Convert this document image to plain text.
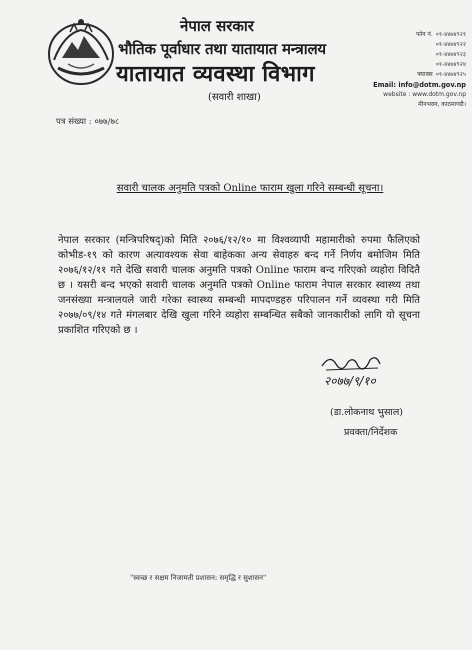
नेपाल सरकार
भौतिक पूर्वाधार तथा यातायात मन्त्रालय
यातायात व्यवस्था विभाग
(सवारी शाखा)
फोन नं. ०१-४४७४९२१
०१-४४७४९२२
०१-४४७४९२३
०१-४४७४९२४
फ्याक्स ०१-४४७४९२५
Email: info@dotm.gov.np
website : www.dotm.gov.np
मीनभवन, काठमाण्डौ।
पत्र संख्या : ०७७/७८
सवारी चालक अनुमति पत्रको Online फाराम खुला गरिने सम्बन्धी सूचना।
नेपाल सरकार (मन्त्रिपरिषद्)को मिति २०७६/१२/१० मा विश्वव्यापी महामारीको रुपमा फैलिएको कोभीड-१९ को कारण अत्यावश्यक सेवा बाहेकका अन्य सेवाहरु बन्द गर्ने निर्णय बमोजिम मिति २०७६/१२/११ गते देखि सवारी चालक अनुमति पत्रको Online फाराम बन्द गरिएको व्यहोरा विदितै छ । यसरी बन्द भएको सवारी चालक अनुमति पत्रको Online फाराम नेपाल सरकार स्वास्थ्य तथा जनसंख्या मन्त्रालयले जारी गरेका स्वास्थ्य सम्बन्धी मापदण्डहरु परिपालन गर्ने व्यवस्था गरी मिति २०७७/०९/१४ गते मंगलबार देखि खुला गरिने व्यहोरा सम्बन्धित सबैको जानकारीको लागि यो सूचना प्रकाशित गरिएको छ ।
२०७७/९/१०
(डा.लोकनाथ भुसाल)
प्रवक्ता/निर्देशक
"स्वच्छ र सक्षम निजामती प्रशासन: समृद्धि र सुशासन"
